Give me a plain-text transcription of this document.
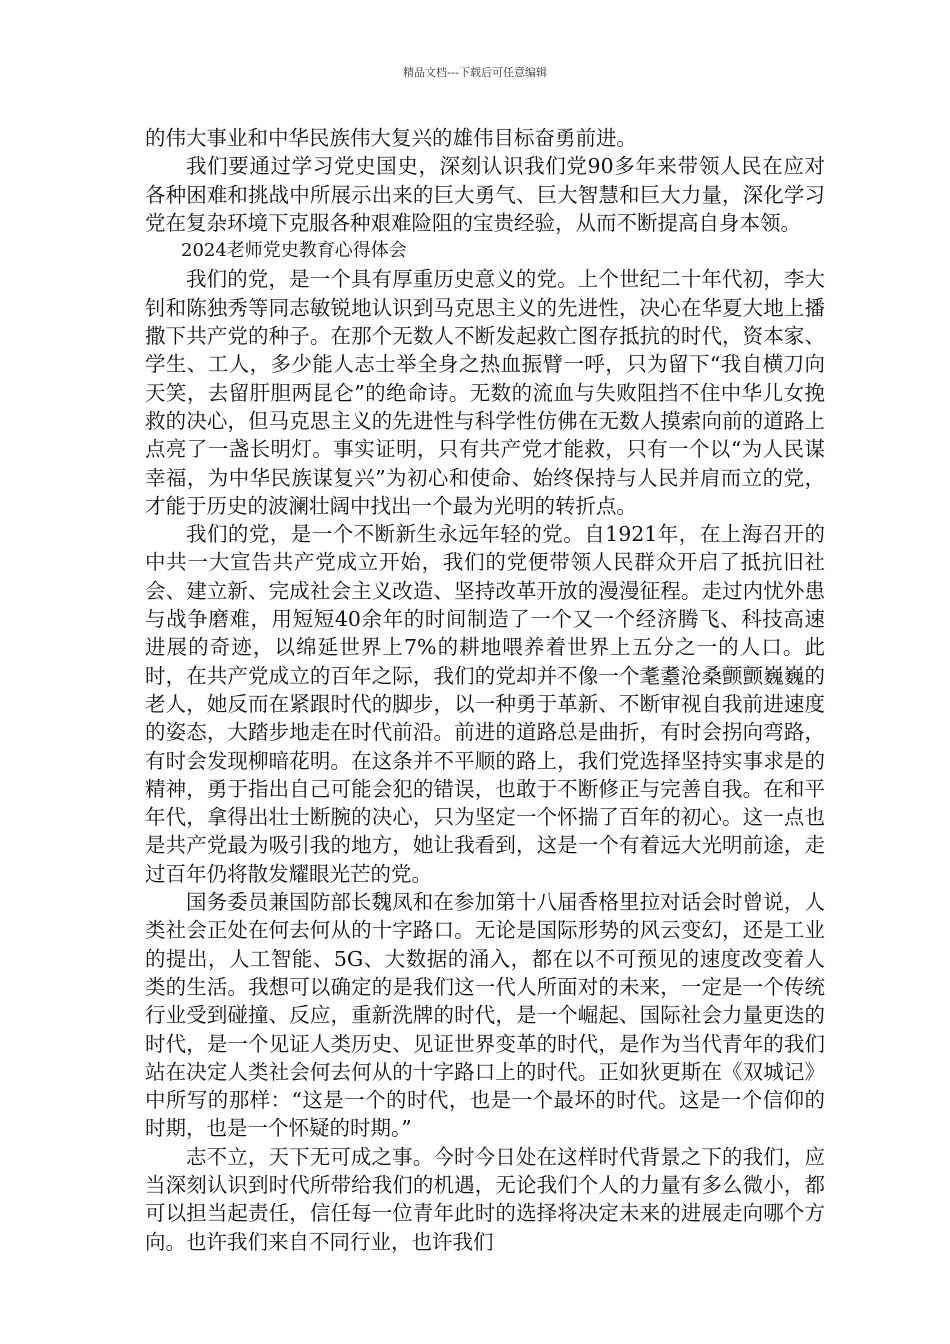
精品文档---下载后可任意编辑

的伟大事业和中华民族伟大复兴的雄伟目标奋勇前进。

我们要通过学习党史国史，深刻认识我们党90多年来带领人民在应对各种困难和挑战中所展示出来的巨大勇气、巨大智慧和巨大力量，深化学习党在复杂环境下克服各种艰难险阻的宝贵经验，从而不断提高自身本领。

2024老师党史教育心得体会

我们的党，是一个具有厚重历史意义的党。上个世纪二十年代初，李大钊和陈独秀等同志敏锐地认识到马克思主义的先进性，决心在华夏大地上播撒下共产党的种子。在那个无数人不断发起救亡图存抵抗的时代，资本家、学生、工人，多少能人志士举全身之热血振臂一呼，只为留下“我自横刀向天笑，去留肝胆两昆仑”的绝命诗。无数的流血与失败阻挡不住中华儿女挽救的决心，但马克思主义的先进性与科学性仿佛在无数人摸索向前的道路上点亮了一盏长明灯。事实证明，只有共产党才能救，只有一个以“为人民谋幸福，为中华民族谋复兴”为初心和使命、始终保持与人民并肩而立的党，才能于历史的波澜壮阔中找出一个最为光明的转折点。

我们的党，是一个不断新生永远年轻的党。自1921年，在上海召开的中共一大宣告共产党成立开始，我们的党便带领人民群众开启了抵抗旧社会、建立新、完成社会主义改造、坚持改革开放的漫漫征程。走过内忧外患与战争磨难，用短短40余年的时间制造了一个又一个经济腾飞、科技高速进展的奇迹，以绵延世界上7%的耕地喂养着世界上五分之一的人口。此时，在共产党成立的百年之际，我们的党却并不像一个耄耋沧桑颤颤巍巍的老人，她反而在紧跟时代的脚步，以一种勇于革新、不断审视自我前进速度的姿态，大踏步地走在时代前沿。前进的道路总是曲折，有时会拐向弯路，有时会发现柳暗花明。在这条并不平顺的路上，我们党选择坚持实事求是的精神，勇于指出自己可能会犯的错误，也敢于不断修正与完善自我。在和平年代，拿得出壮士断腕的决心，只为坚定一个怀揣了百年的初心。这一点也是共产党最为吸引我的地方，她让我看到，这是一个有着远大光明前途，走过百年仍将散发耀眼光芒的党。

国务委员兼国防部长魏凤和在参加第十八届香格里拉对话会时曾说，人类社会正处在何去何从的十字路口。无论是国际形势的风云变幻，还是工业的提出，人工智能、5G、大数据的涌入，都在以不可预见的速度改变着人类的生活。我想可以确定的是我们这一代人所面对的未来，一定是一个传统行业受到碰撞、反应，重新洗牌的时代，是一个崛起、国际社会力量更迭的时代，是一个见证人类历史、见证世界变革的时代，是作为当代青年的我们站在决定人类社会何去何从的十字路口上的时代。正如狄更斯在《双城记》中所写的那样：“这是一个的时代，也是一个最坏的时代。这是一个信仰的时期，也是一个怀疑的时期。”

志不立，天下无可成之事。今时今日处在这样时代背景之下的我们，应当深刻认识到时代所带给我们的机遇，无论我们个人的力量有多么微小，都可以担当起责任，信任每一位青年此时的选择将决定未来的进展走向哪个方向。也许我们来自不同行业，也许我们
